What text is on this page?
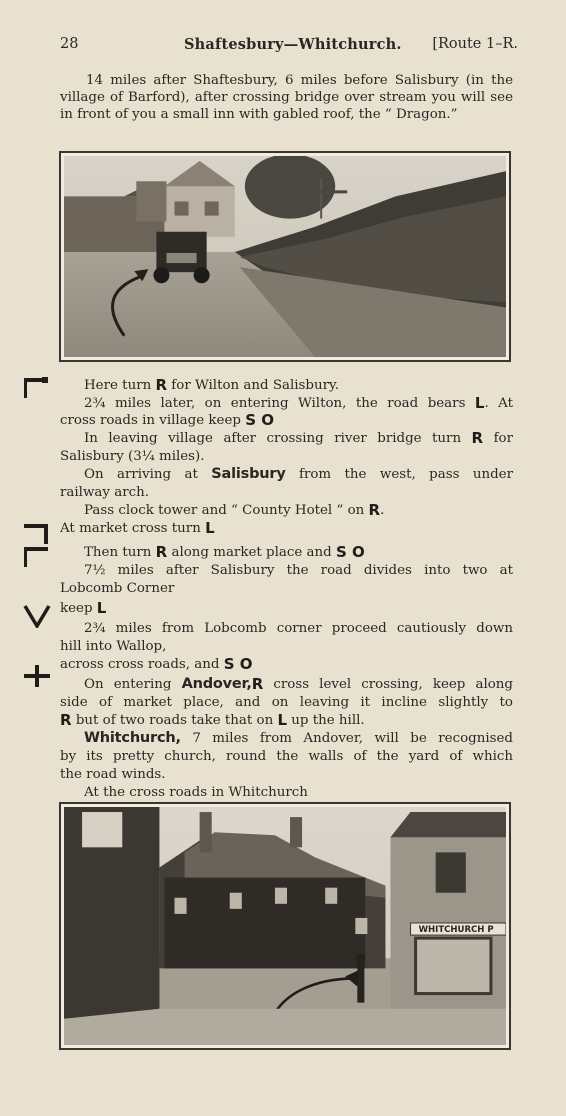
28	Shaftesbury—Whitchurch. [Route 1–R.
14 miles after Shaftesbury, 6 miles before Salisbury (in the village of Barford), after crossing bridge over stream you will see in front of you a small inn with gabled roof, the “ Dragon.”
Here turn R for Wilton and Salisbury.
2¾ miles later, on entering Wilton, the road bears L. At
cross roads in village keep S O
In leaving village after crossing river bridge turn R for
Salisbury (3¼ miles).
On arriving at Salisbury from the west, pass under
railway arch.
Pass clock tower and “ County Hotel ” on R.
At market cross turn L
Then turn R along market place and S O
7½ miles after Salisbury the road divides into two at
Lobcomb Corner
keep L
2¾ miles from Lobcomb corner proceed cautiously down
hill into Wallop,
across cross roads, and S O
On entering Andover,R cross level crossing, keep along
side of market place, and on leaving it incline slightly to
R but of two roads take that on L up the hill.
Whitchurch, 7 miles from Andover, will be recognised
by its pretty church, round the walls of the yard of which
the road winds.
At the cross roads in Whitchurch
WHITCHURCH P
